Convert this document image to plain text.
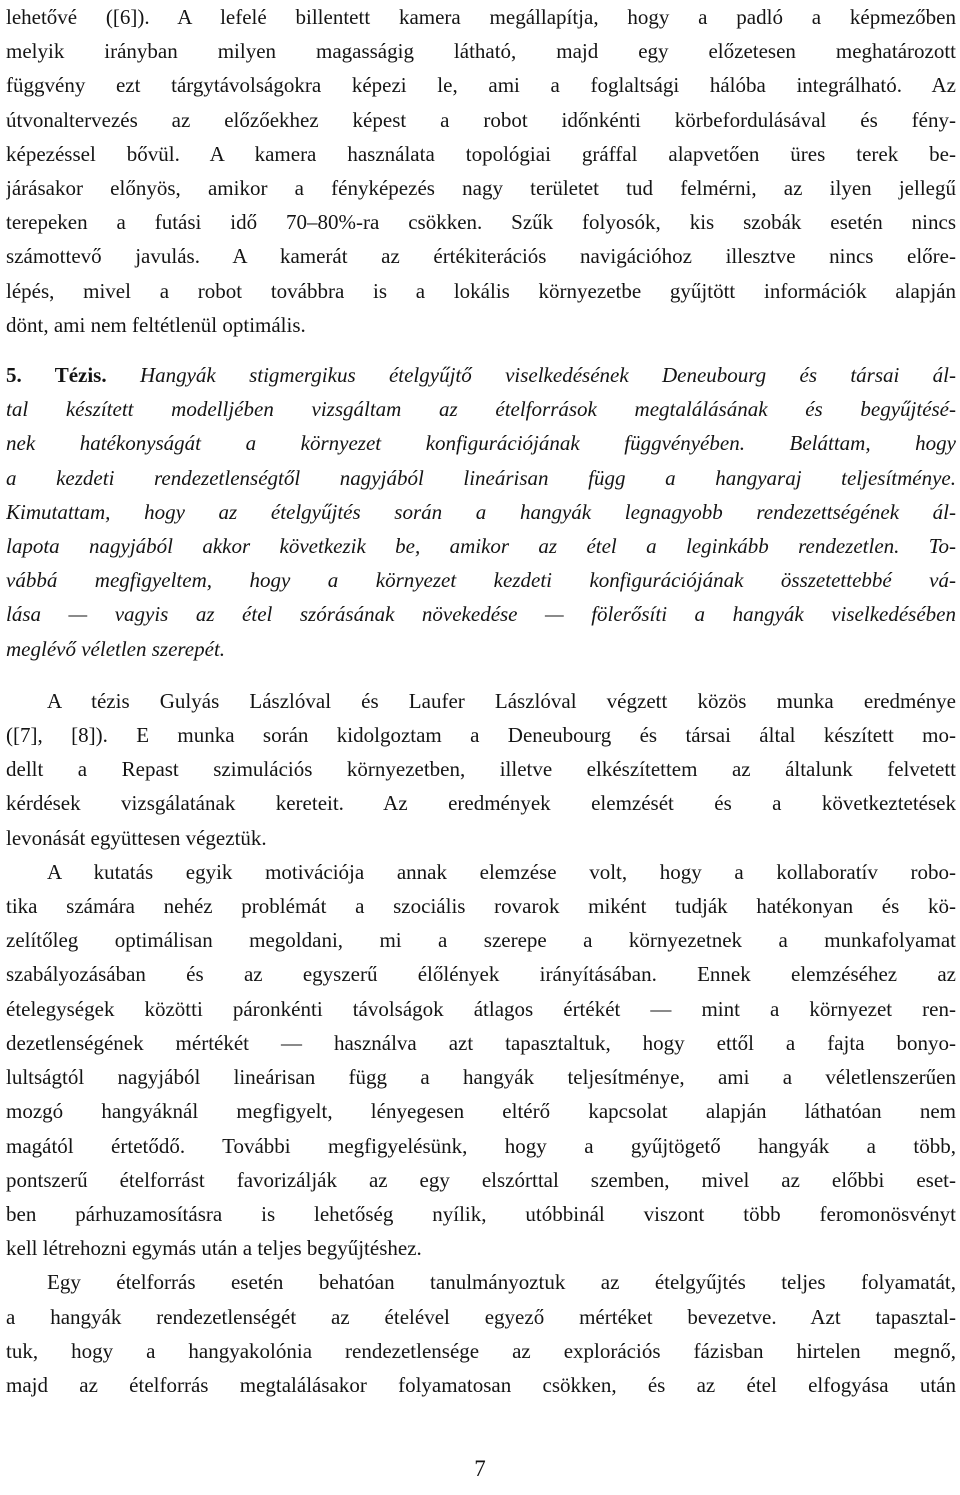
lehetővé ([6]). A lefelé billentett kamera megállapítja, hogy a padló a képmezőben
melyik irányban milyen magasságig látható, majd egy előzetesen meghatározott
függvény ezt tárgytávolságokra képezi le, ami a foglaltsági hálóba integrálható. Az
útvonaltervezés az előzőekhez képest a robot időnkénti körbefordulásával és fény-
képezéssel bővül. A kamera használata topológiai gráffal alapvetően üres terek be-
járásakor előnyös, amikor a fényképezés nagy területet tud felmérni, az ilyen jellegű
terepeken a futási idő 70–80%-ra csökken. Szűk folyosók, kis szobák esetén nincs
számottevő javulás. A kamerát az értékiterációs navigációhoz illesztve nincs előre-
lépés, mivel a robot továbbra is a lokális környezetbe gyűjtött információk alapján
dönt, ami nem feltétlenül optimális.
5. Tézis. Hangyák stigmergikus ételgyűjtő viselkedésének Deneubourg és társai ál-
tal készített modelljében vizsgáltam az ételforrások megtalálásának és begyűjtésé-
nek hatékonyságát a környezet konfigurációjának függvényében. Beláttam, hogy
a kezdeti rendezetlenségtől nagyjából lineárisan függ a hangyaraj teljesítménye.
Kimutattam, hogy az ételgyűjtés során a hangyák legnagyobb rendezettségének ál-
lapota nagyjából akkor következik be, amikor az étel a leginkább rendezetlen. To-
vábbá megfigyeltem, hogy a környezet kezdeti konfigurációjának összetettebbé vá-
lása — vagyis az étel szórásának növekedése — fölerősíti a hangyák viselkedésében
meglévő véletlen szerepét.
A tézis Gulyás Lászlóval és Laufer Lászlóval végzett közös munka eredménye
([7], [8]). E munka során kidolgoztam a Deneubourg és társai által készített mo-
dellt a Repast szimulációs környezetben, illetve elkészítettem az általunk felvetett
kérdések vizsgálatának kereteit. Az eredmények elemzését és a következtetések
levonását együttesen végeztük.
A kutatás egyik motivációja annak elemzése volt, hogy a kollaboratív robo-
tika számára nehéz problémát a szociális rovarok miként tudják hatékonyan és kö-
zelítőleg optimálisan megoldani, mi a szerepe a környezetnek a munkafolyamat
szabályozásában és az egyszerű élőlények irányításában. Ennek elemzéséhez az
ételegységek közötti páronkénti távolságok átlagos értékét — mint a környezet ren-
dezetlenségének mértékét — használva azt tapasztaltuk, hogy ettől a fajta bonyo-
lultságtól nagyjából lineárisan függ a hangyák teljesítménye, ami a véletlenszerűen
mozgó hangyáknál megfigyelt, lényegesen eltérő kapcsolat alapján láthatóan nem
magától értetődő. További megfigyelésünk, hogy a gyűjtögető hangyák a több,
pontszerű ételforrást favorizálják az egy elszórttal szemben, mivel az előbbi eset-
ben párhuzamosításra is lehetőség nyílik, utóbbinál viszont több feromonösvényt
kell létrehozni egymás után a teljes begyűjtéshez.
Egy ételforrás esetén behatóan tanulmányoztuk az ételgyűjtés teljes folyamatát,
a hangyák rendezetlenségét az ételével egyező mértéket bevezetve. Azt tapasztal-
tuk, hogy a hangyakolónia rendezetlensége az explorációs fázisban hirtelen megnő,
majd az ételforrás megtalálásakor folyamatosan csökken, és az étel elfogyása után
7
